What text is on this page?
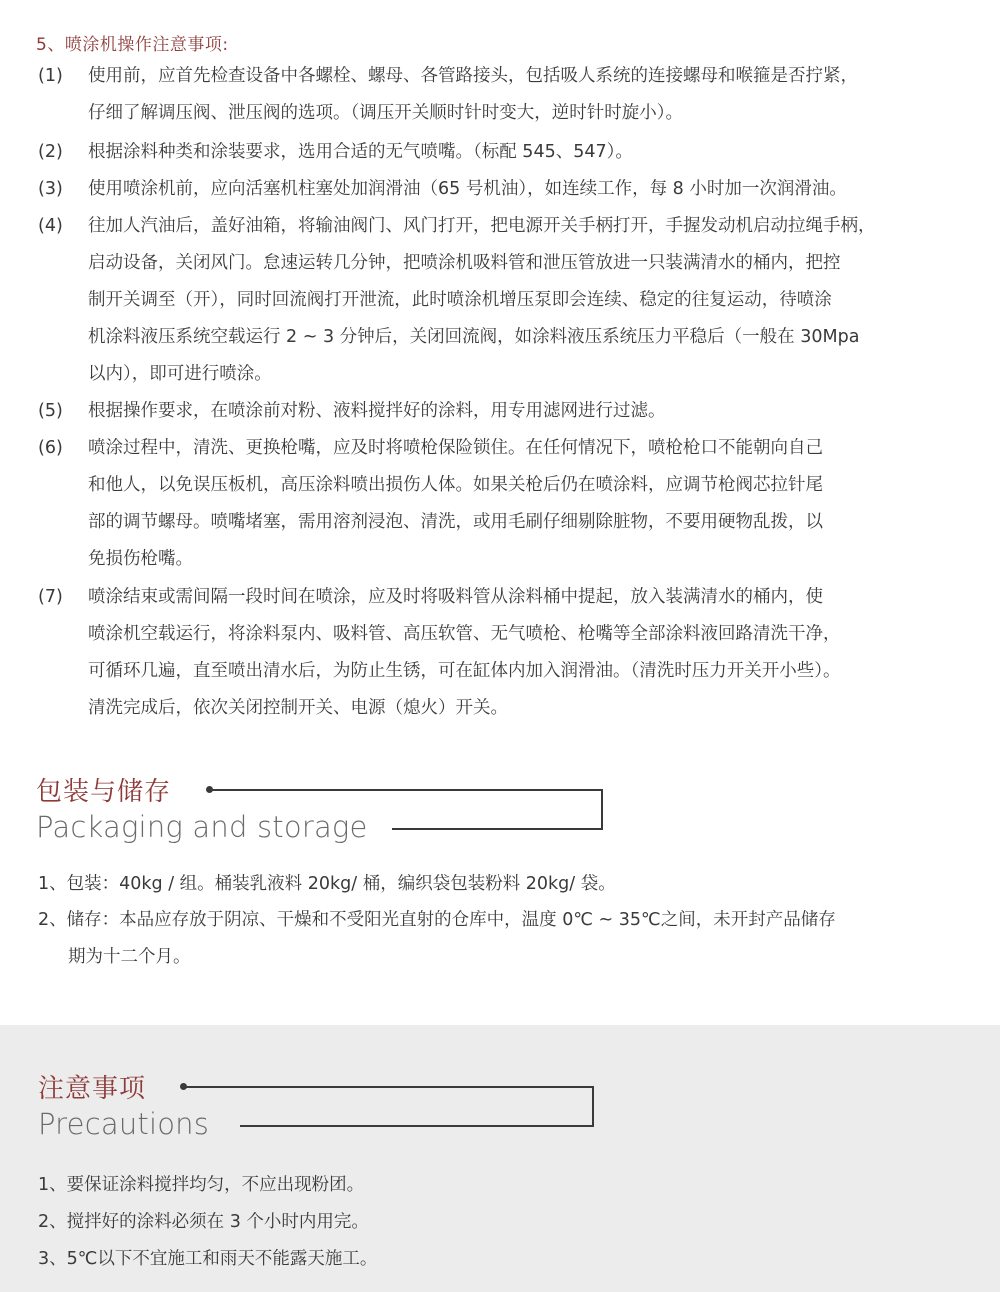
5、喷涂机操作注意事项:
(1) 使用前，应首先检查设备中各螺栓、螺母、各管路接头，包括吸人系统的连接螺母和喉箍是否拧紧，
仔细了解调压阀、泄压阀的选项。（调压开关顺时针时变大，逆时针时旋小）。
(2) 根据涂料种类和涂装要求，选用合适的无气喷嘴。（标配 545、547）。
(3) 使用喷涂机前，应向活塞机柱塞处加润滑油（65 号机油），如连续工作，每 8 小时加一次润滑油。
(4) 往加人汽油后，盖好油箱，将输油阀门、风门打开，把电源开关手柄打开，手握发动机启动拉绳手柄，
启动设备，关闭风门。怠速运转几分钟，把喷涂机吸料管和泄压管放进一只装满清水的桶内，把控
制开关调至（开），同时回流阀打开泄流，此时喷涂机增压泵即会连续、稳定的往复运动，待喷涂
机涂料液压系统空载运行 2 ~ 3 分钟后，关闭回流阀，如涂料液压系统压力平稳后（一般在 30Mpa
以内），即可进行喷涂。
(5) 根据操作要求，在喷涂前对粉、液料搅拌好的涂料，用专用滤网进行过滤。
(6) 喷涂过程中，清洗、更换枪嘴，应及时将喷枪保险锁住。在任何情况下，喷枪枪口不能朝向自己
和他人，以免误压板机，高压涂料喷出损伤人体。如果关枪后仍在喷涂料，应调节枪阀芯拉针尾
部的调节螺母。喷嘴堵塞，需用溶剂浸泡、清洗，或用毛刷仔细剔除脏物，不要用硬物乱拨，以
免损伤枪嘴。
(7) 喷涂结束或需间隔一段时间在喷涂，应及时将吸料管从涂料桶中提起，放入装满清水的桶内，使
喷涂机空载运行，将涂料泵内、吸料管、高压软管、无气喷枪、枪嘴等全部涂料液回路清洗干净，
可循环几遍，直至喷出清水后，为防止生锈，可在缸体内加入润滑油。（清洗时压力开关开小些）。
清洗完成后，依次关闭控制开关、电源（熄火）开关。
包装与储存
Packaging and storage
1、包装：40kg / 组。桶装乳液料 20kg/ 桶，编织袋包装粉料 20kg/ 袋。
2、储存：本品应存放于阴凉、干燥和不受阳光直射的仓库中，温度 0℃ ~ 35℃之间，未开封产品储存
期为十二个月。
注意事项
Precautions
1、要保证涂料搅拌均匀，不应出现粉团。
2、搅拌好的涂料必须在 3 个小时内用完。
3、5℃以下不宜施工和雨天不能露天施工。
